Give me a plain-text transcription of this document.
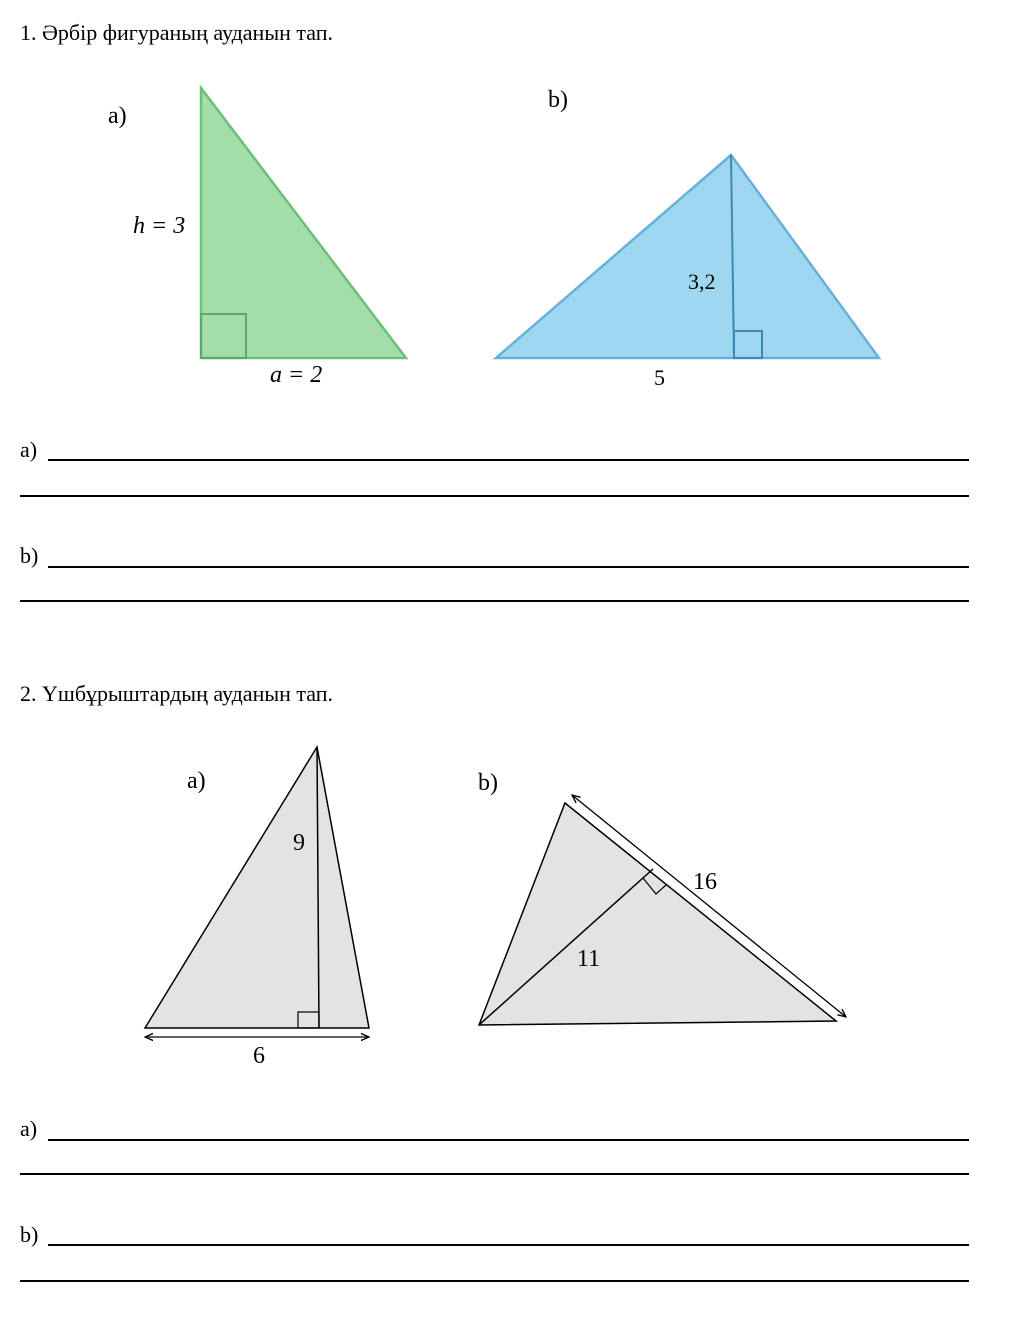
1. Әрбір фигураның ауданын тап.
a)
h = 3
a = 2
b)
3,2
5
a)
b)
2. Үшбұрыштардың ауданын тап.
a)
9
6
b)
11
16
a)
b)
